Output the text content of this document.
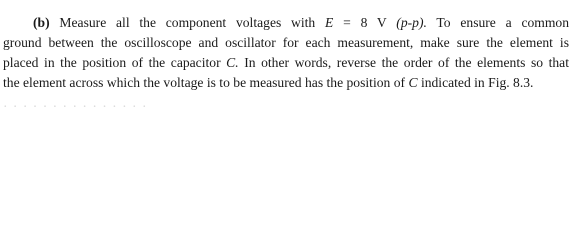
(b) Measure all the component voltages with E = 8 V (p-p). To ensure a common
ground between the oscilloscope and oscillator for each measurement, make sure the element is
placed in the position of the capacitor C. In other words, reverse the order of the elements so that
the element across which the voltage is to be measured has the position of C indicated in Fig. 8.3.
· · · · · · · · · · · · · · ·
